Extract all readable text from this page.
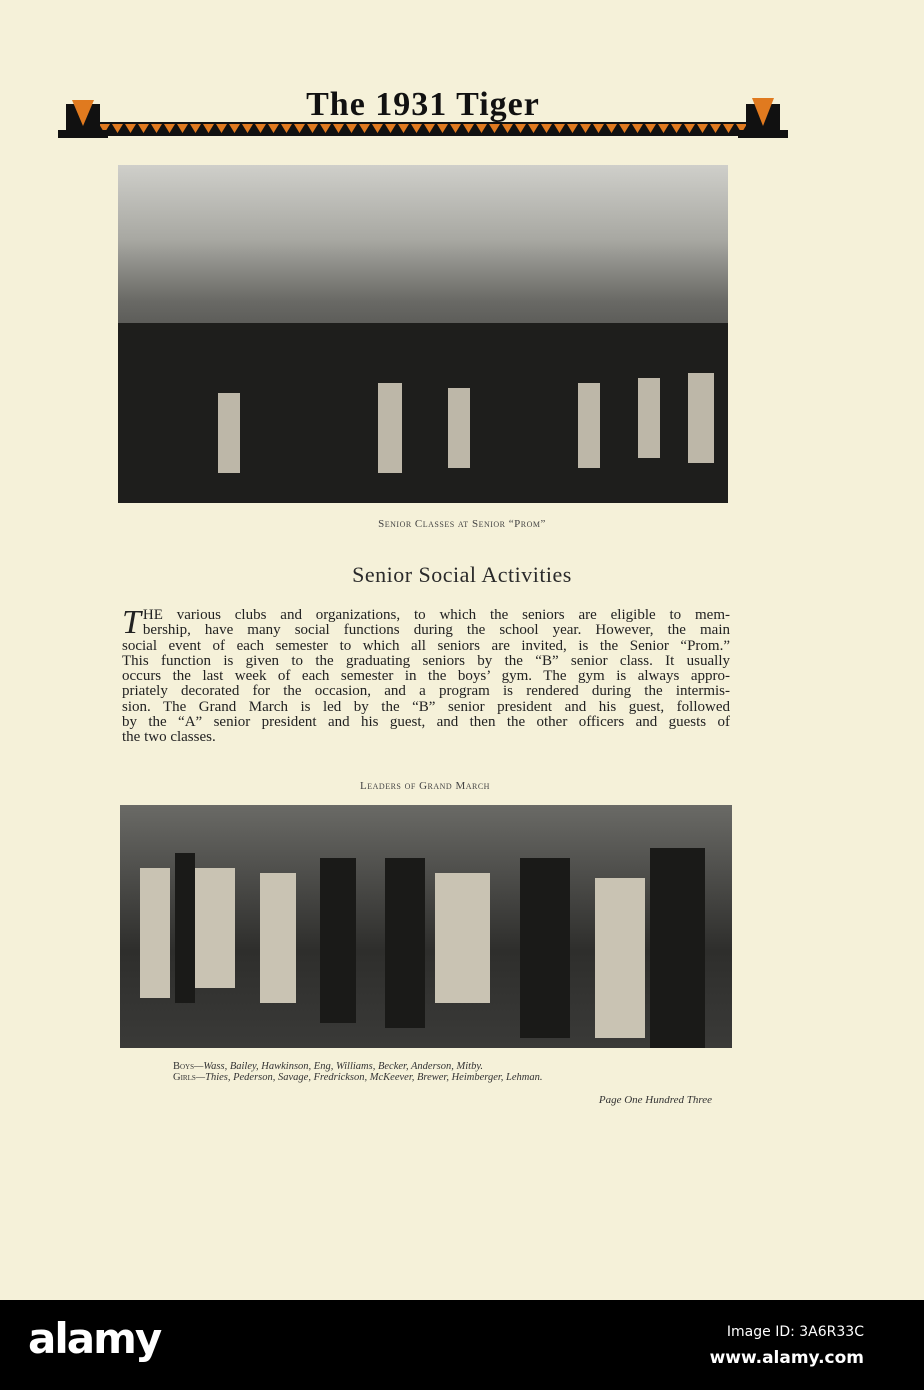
The 1931 Tiger
Senior Classes at Senior “Prom”
Senior Social Activities
T HE various clubs and organizations, to which the seniors are eligible to mem-
bership, have many social functions during the school year. However, the main
social event of each semester to which all seniors are invited, is the Senior “Prom.”
This function is given to the graduating seniors by the “B” senior class. It usually
occurs the last week of each semester in the boys’ gym. The gym is always appro-
priately decorated for the occasion, and a program is rendered during the intermis-
sion. The Grand March is led by the “B” senior president and his guest, followed
by the “A” senior president and his guest, and then the other officers and guests of
the two classes.
Leaders of Grand March
Boys—Wass, Bailey, Hawkinson, Eng, Williams, Becker, Anderson, Mitby.
Girls—Thies, Pederson, Savage, Fredrickson, McKeever, Brewer, Heimberger, Lehman.
Page One Hundred Three
alamy	Image ID: 3A6R33C
www.alamy.com
